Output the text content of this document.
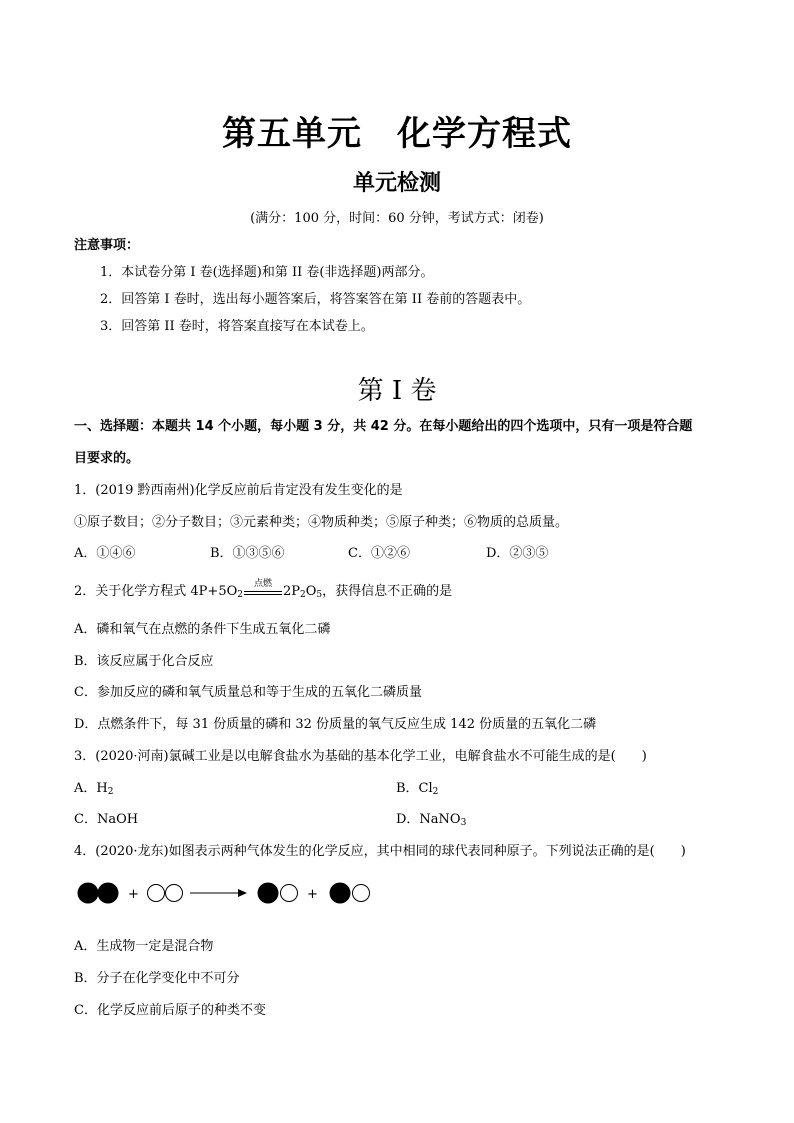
第五单元　化学方程式
单元检测
(满分：100 分，时间：60 分钟，考试方式：闭卷)
注意事项：
1．本试卷分第 I 卷(选择题)和第 II 卷(非选择题)两部分。
2．回答第 I 卷时，选出每小题答案后，将答案答在第 II 卷前的答题表中。
3．回答第 II 卷时，将答案直接写在本试卷上。
第 I 卷
一、选择题：本题共 14 个小题，每小题 3 分，共 42 分。在每小题给出的四个选项中，只有一项是符合题
目要求的。
1．(2019 黔西南州)化学反应前后肯定没有发生变化的是
①原子数目；②分子数目；③元素种类；④物质种类；⑤原子种类；⑥物质的总质量。
A．①④⑥	B．①③⑤⑥	C．①②⑥	D．②③⑤
2．关于化学方程式 $4P+5O_2$
点燃
$2P_2O_5$，获得信息不正确的是
A．磷和氧气在点燃的条件下生成五氧化二磷
B．该反应属于化合反应
C．参加反应的磷和氧气质量总和等于生成的五氧化二磷质量
D．点燃条件下，每 31 份质量的磷和 32 份质量的氧气反应生成 142 份质量的五氧化二磷
3．(2020·河南)氯碱工业是以电解食盐水为基础的基本化学工业，电解食盐水不可能生成的是(　　)
A．$H_2$	B．$Cl_2$
C．NaOH	D．NaNO$_3$
4．(2020·龙东)如图表示两种气体发生的化学反应，其中相同的球代表同种原子。下列说法正确的是(　　)
+	+
A．生成物一定是混合物
B．分子在化学变化中不可分
C．化学反应前后原子的种类不变
